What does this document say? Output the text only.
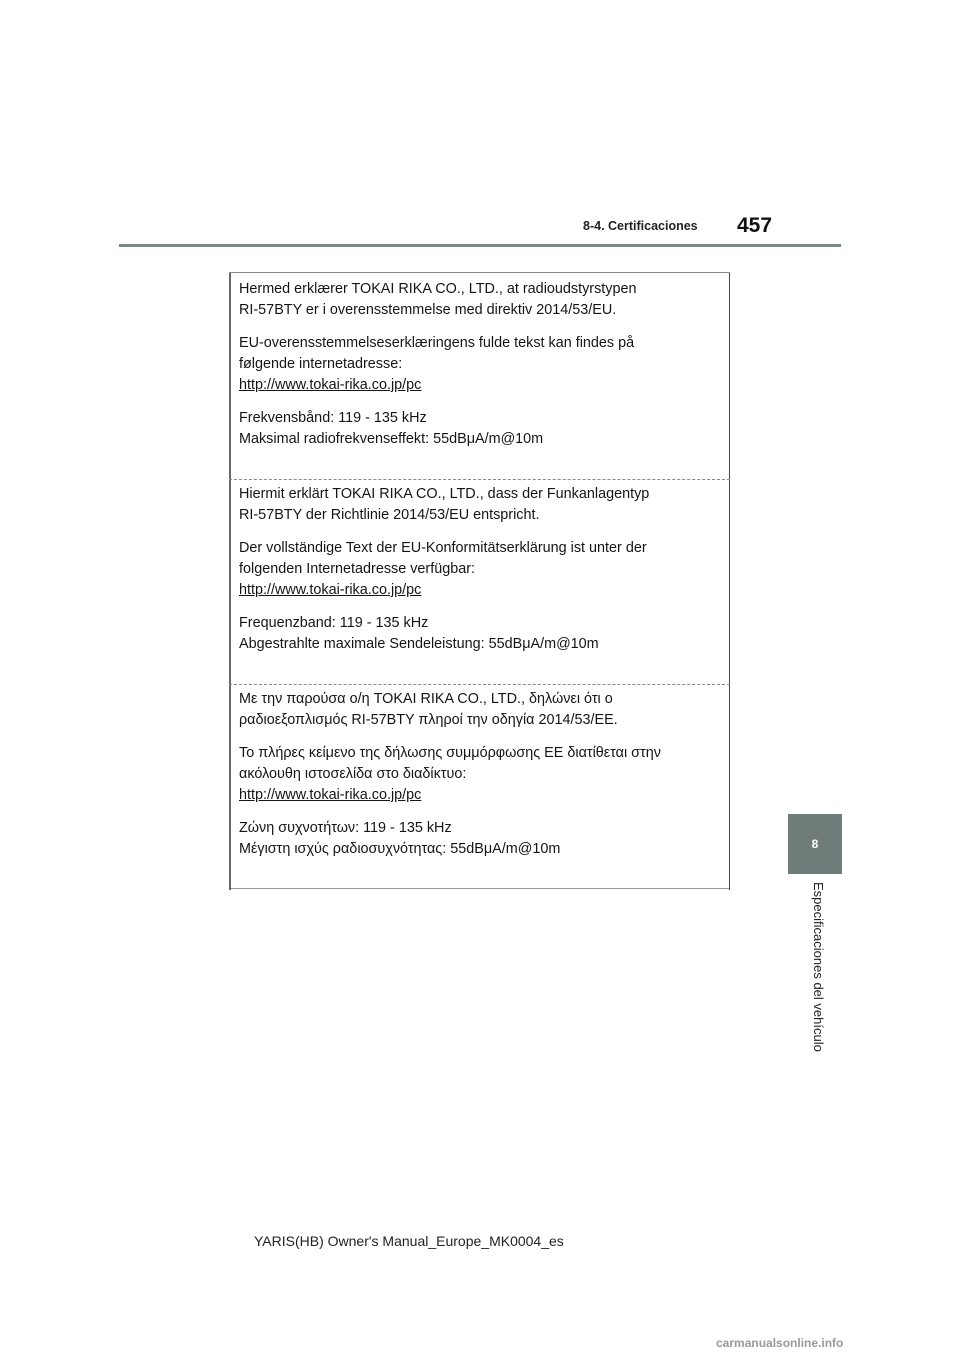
8-4. Certificaciones 457
8
Especificaciones del vehículo

Hermed erklærer TOKAI RIKA CO., LTD., at radioudstyrstypen

RI-57BTY er i overensstemmelse med direktiv 2014/53/EU.

EU-overensstemmelseserklæringens fulde tekst kan findes på

følgende internetadresse:

http://www.tokai-rika.co.jp/pc

Frekvensbånd: 119 - 135 kHz

Maksimal radiofrekvenseffekt: 55dBμA/m@10m

Hiermit erklärt TOKAI RIKA CO., LTD., dass der Funkanlagentyp

RI-57BTY der Richtlinie 2014/53/EU entspricht.

Der vollständige Text der EU-Konformitätserklärung ist unter der

folgenden Internetadresse verfügbar:

http://www.tokai-rika.co.jp/pc

Frequenzband: 119 - 135 kHz

Abgestrahlte maximale Sendeleistung: 55dBμA/m@10m

Με την παρούσα ο/η TOKAI RIKA CO., LTD., δηλώνει ότι ο

ραδιοεξοπλισμός RI-57BTY πληροί την οδηγία 2014/53/ΕΕ.

Το πλήρες κείμενο της δήλωσης συμμόρφωσης ΕΕ διατίθεται στην

ακόλουθη ιστοσελίδα στο διαδίκτυο:

http://www.tokai-rika.co.jp/pc

Ζώνη συχνοτήτων: 119 - 135 kHz

Μέγιστη ισχύς ραδιοσυχνότητας: 55dBμA/m@10m

YARIS(HB) Owner's Manual_Europe_MK0004_es
carmanualsonline.info
